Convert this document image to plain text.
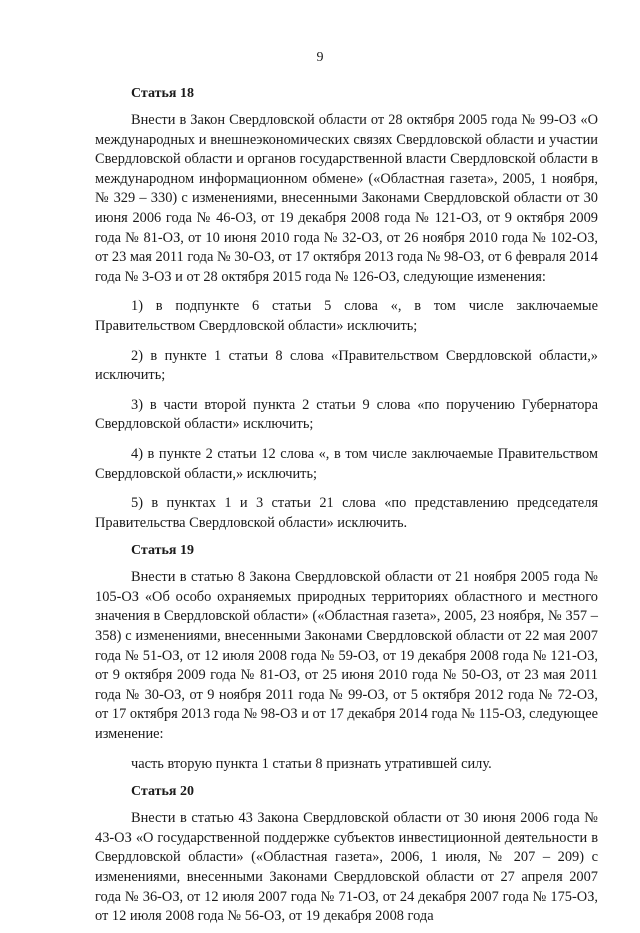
9
Статья 18

Внести в Закон Свердловской области от 28 октября 2005 года № 99-ОЗ «О международных и внешнеэкономических связях Свердловской области и участии Свердловской области и органов государственной власти Свердловской области в международном информационном обмене» («Областная газета», 2005, 1 ноября, № 329 – 330) с изменениями, внесенными Законами Свердловской области от 30 июня 2006 года № 46-ОЗ, от 19 декабря 2008 года № 121-ОЗ, от 9 октября 2009 года № 81-ОЗ, от 10 июня 2010 года № 32-ОЗ, от 26 ноября 2010 года № 102-ОЗ, от 23 мая 2011 года № 30-ОЗ, от 17 октября 2013 года № 98-ОЗ, от 6 февраля 2014 года № 3-ОЗ и от 28 октября 2015 года № 126-ОЗ, следующие изменения:

1) в подпункте 6 статьи 5 слова «, в том числе заключаемые Правительством Свердловской области» исключить;

2) в пункте 1 статьи 8 слова «Правительством Свердловской области,» исключить;

3) в части второй пункта 2 статьи 9 слова «по поручению Губернатора Свердловской области» исключить;

4) в пункте 2 статьи 12 слова «, в том числе заключаемые Правительством Свердловской области,» исключить;

5) в пунктах 1 и 3 статьи 21 слова «по представлению председателя Правительства Свердловской области» исключить.

Статья 19

Внести в статью 8 Закона Свердловской области от 21 ноября 2005 года № 105-ОЗ «Об особо охраняемых природных территориях областного и местного значения в Свердловской области» («Областная газета», 2005, 23 ноября, № 357 – 358) с изменениями, внесенными Законами Свердловской области от 22 мая 2007 года № 51-ОЗ, от 12 июля 2008 года № 59-ОЗ, от 19 декабря 2008 года № 121-ОЗ, от 9 октября 2009 года № 81-ОЗ, от 25 июня 2010 года № 50-ОЗ, от 23 мая 2011 года № 30-ОЗ, от 9 ноября 2011 года № 99-ОЗ, от 5 октября 2012 года № 72-ОЗ, от 17 октября 2013 года № 98-ОЗ и от 17 декабря 2014 года № 115-ОЗ, следующее изменение:

часть вторую пункта 1 статьи 8 признать утратившей силу.

Статья 20

Внести в статью 43 Закона Свердловской области от 30 июня 2006 года № 43-ОЗ «О государственной поддержке субъектов инвестиционной деятельности в Свердловской области» («Областная газета», 2006, 1 июля, № 207 – 209) с изменениями, внесенными Законами Свердловской области от 27 апреля 2007 года № 36-ОЗ, от 12 июля 2007 года № 71-ОЗ, от 24 декабря 2007 года № 175-ОЗ, от 12 июля 2008 года № 56-ОЗ, от 19 декабря 2008 года
